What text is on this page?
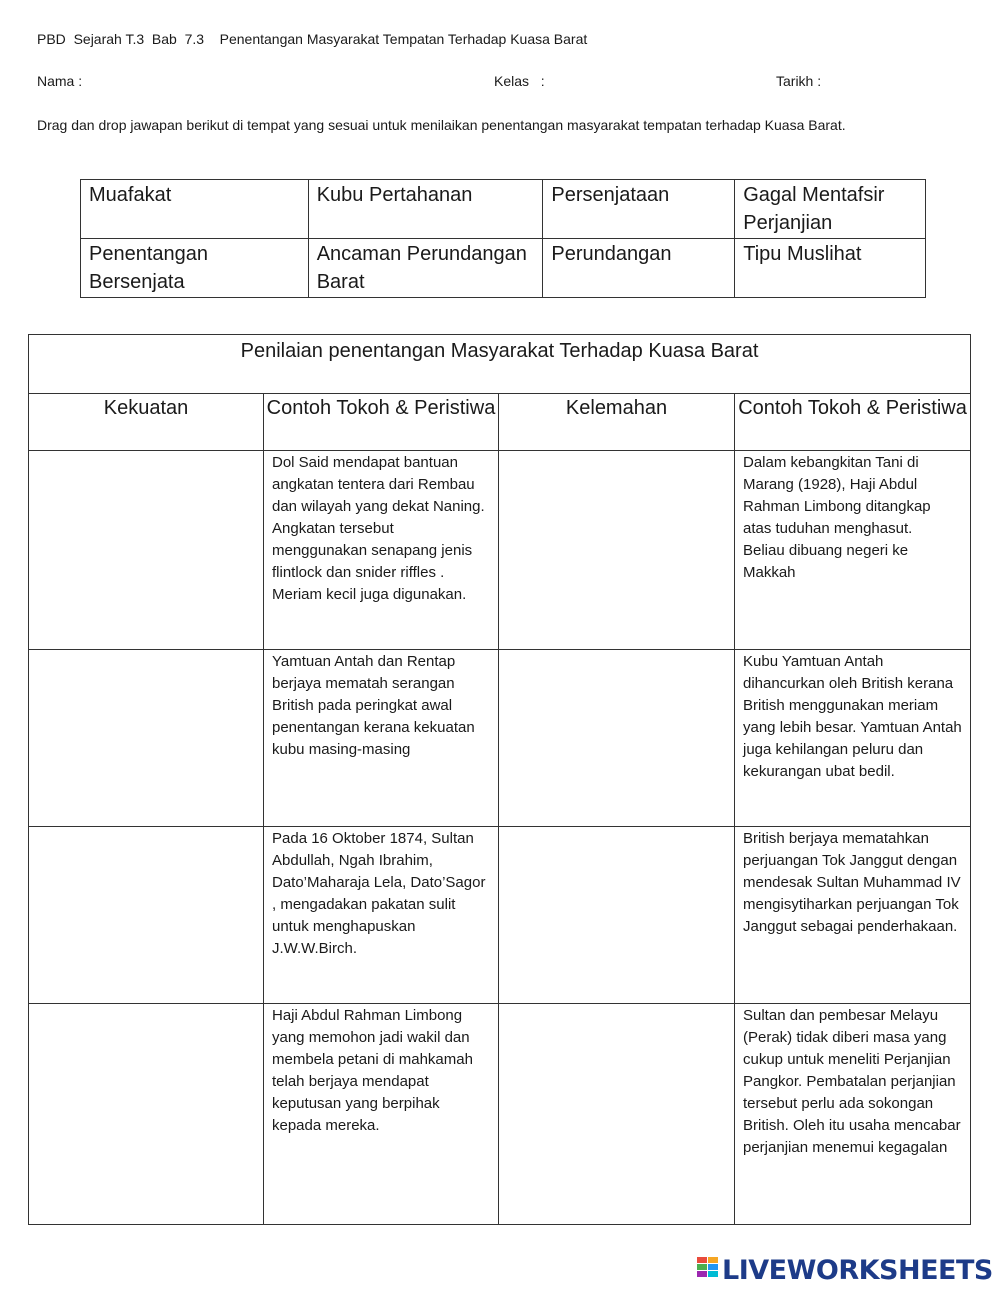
PBD  Sejarah T.3  Bab  7.3    Penentangan Masyarakat Tempatan Terhadap Kuasa Barat
Nama :	Kelas   :	Tarikh :
Drag dan drop jawapan berikut di tempat yang sesuai untuk menilaikan penentangan masyarakat tempatan terhadap Kuasa Barat.
Muafakat	Kubu Pertahanan	Persenjataan	Gagal Mentafsir Perjanjian
Penentangan Bersenjata	Ancaman Perundangan Barat	Perundangan	Tipu Muslihat
Penilaian penentangan Masyarakat Terhadap Kuasa Barat			
Kekuatan	Contoh Tokoh & Peristiwa	Kelemahan	Contoh Tokoh & Peristiwa

	Dol Said mendapat bantuan angkatan tentera dari Rembau dan wilayah yang dekat Naning.
Angkatan tersebut menggunakan senapang jenis flintlock dan snider riffles . Meriam kecil juga digunakan.		Dalam kebangkitan Tani di Marang (1928), Haji Abdul Rahman Limbong ditangkap atas tuduhan menghasut.
Beliau dibuang negeri ke Makkah

	Yamtuan Antah dan Rentap berjaya mematah serangan British pada peringkat awal penentangan kerana kekuatan kubu masing-masing		Kubu Yamtuan Antah dihancurkan oleh British kerana British menggunakan meriam yang lebih besar. Yamtuan Antah juga kehilangan peluru dan kekurangan ubat bedil.

	Pada 16 Oktober 1874, Sultan Abdullah, Ngah Ibrahim, Dato’Maharaja Lela, Dato’Sagor , mengadakan pakatan sulit untuk menghapuskan J.W.W.Birch.		British berjaya mematahkan perjuangan Tok Janggut dengan mendesak Sultan Muhammad IV mengisytiharkan perjuangan Tok Janggut sebagai penderhakaan.

	Haji Abdul Rahman Limbong yang memohon jadi wakil dan membela petani di mahkamah telah berjaya mendapat keputusan yang berpihak kepada mereka.		Sultan dan pembesar Melayu (Perak) tidak diberi masa yang cukup untuk meneliti Perjanjian Pangkor. Pembatalan perjanjian tersebut perlu ada sokongan British. Oleh itu usaha mencabar perjanjian menemui kegagalan
LIVEWORKSHEETS
